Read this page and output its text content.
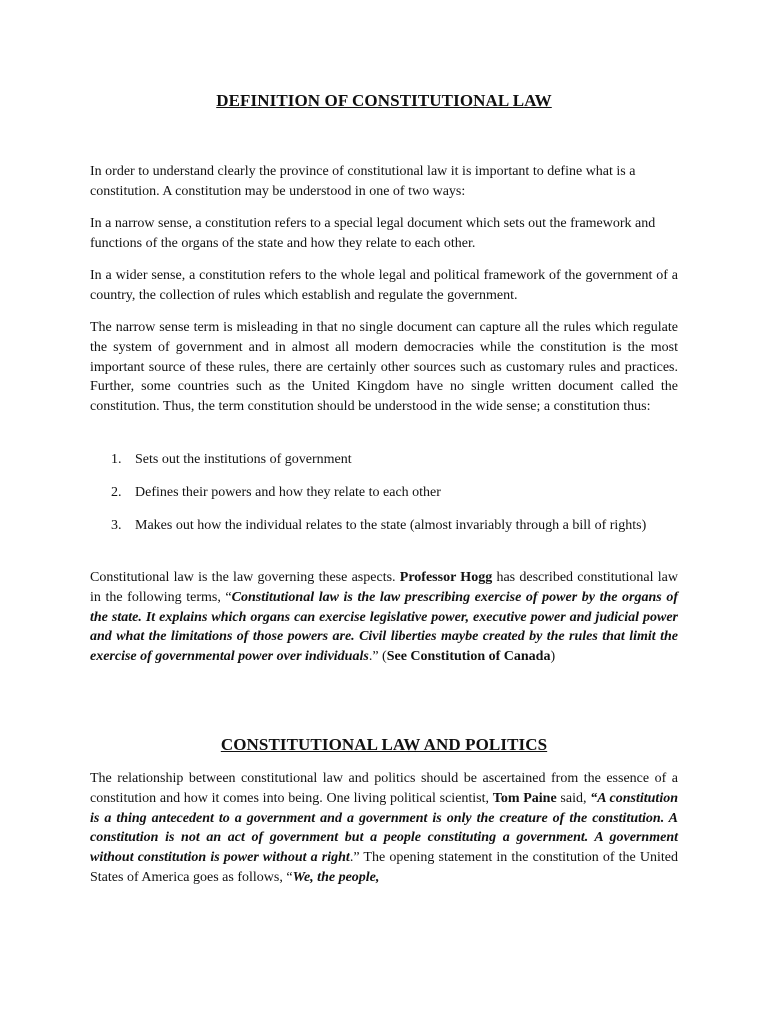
DEFINITION OF CONSTITUTIONAL LAW

In order to understand clearly the province of constitutional law it is important to define what is a constitution. A constitution may be understood in one of two ways:

In a narrow sense, a constitution refers to a special legal document which sets out the framework and functions of the organs of the state and how they relate to each other.

In a wider sense, a constitution refers to the whole legal and political framework of the government of a country, the collection of rules which establish and regulate the government.

The narrow sense term is misleading in that no single document can capture all the rules which regulate the system of government and in almost all modern democracies while the constitution is the most important source of these rules, there are certainly other sources such as customary rules and practices. Further, some countries such as the United Kingdom have no single written document called the constitution. Thus, the term constitution should be understood in the wide sense; a constitution thus:

1. Sets out the institutions of government
2. Defines their powers and how they relate to each other
3. Makes out how the individual relates to the state (almost invariably through a bill of rights)

Constitutional law is the law governing these aspects. Professor Hogg has described constitutional law in the following terms, “Constitutional law is the law prescribing exercise of power by the organs of the state. It explains which organs can exercise legislative power, executive power and judicial power and what the limitations of those powers are. Civil liberties maybe created by the rules that limit the exercise of governmental power over individuals.” (See Constitution of Canada)

CONSTITUTIONAL LAW AND POLITICS

The relationship between constitutional law and politics should be ascertained from the essence of a constitution and how it comes into being. One living political scientist, Tom Paine said, “A constitution is a thing antecedent to a government and a government is only the creature of the constitution. A constitution is not an act of government but a people constituting a government. A government without constitution is power without a right.” The opening statement in the constitution of the United States of America goes as follows, “We, the people,
